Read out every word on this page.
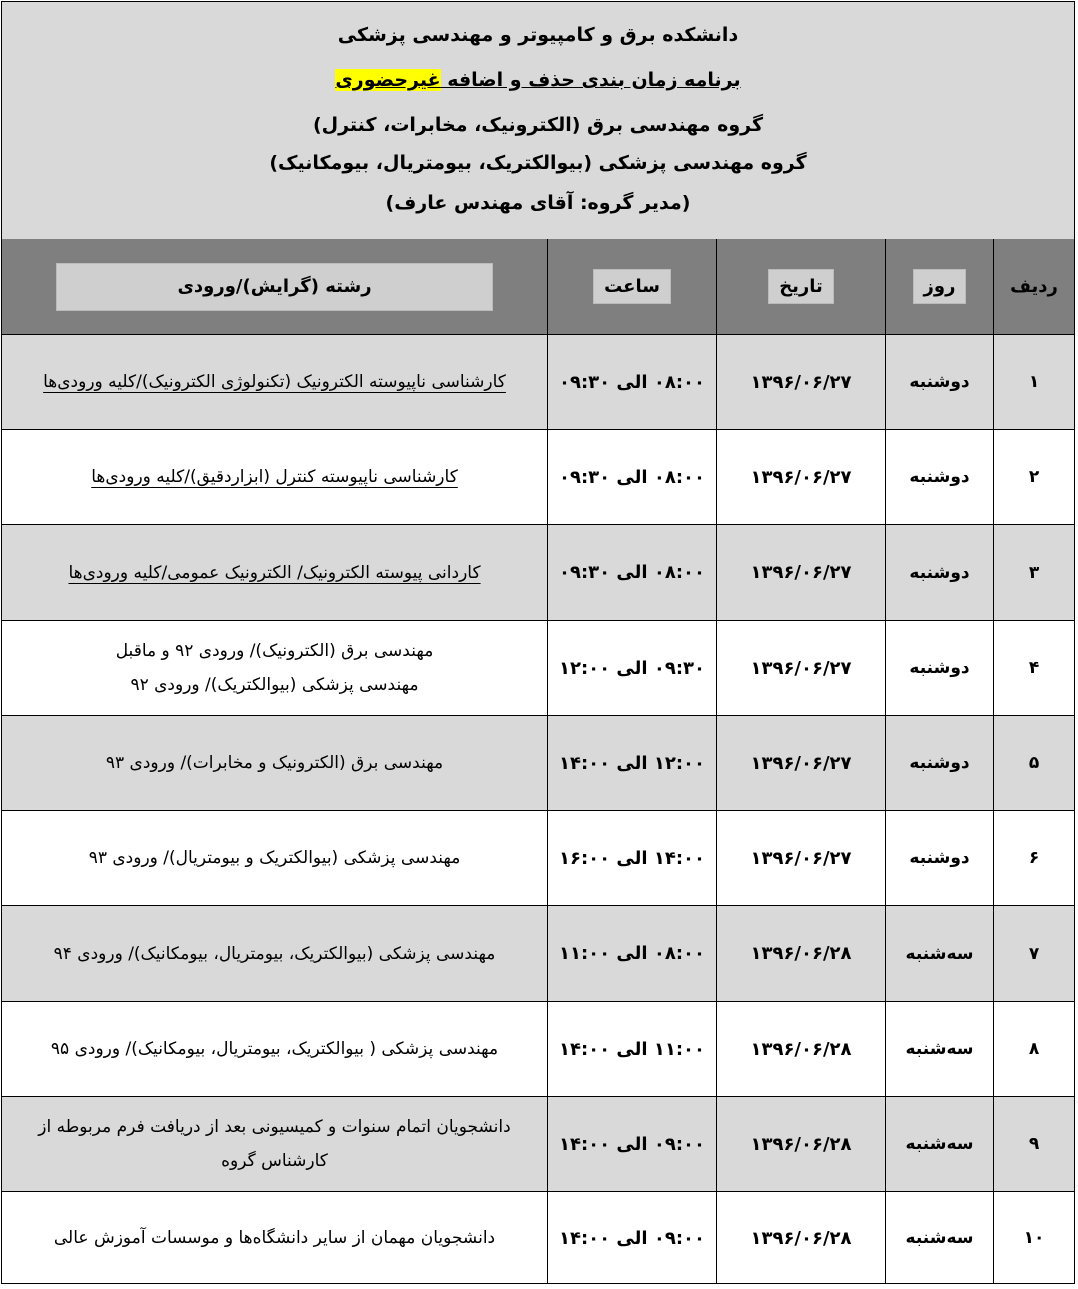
دانشکده برق و کامپیوتر و مهندسی پزشکی
برنامه زمان بندی حذف و اضافه غیرحضوری
گروه مهندسی برق (الکترونیک، مخابرات، کنترل)
گروه مهندسی پزشکی (بیوالکتریک، بیومتریال، بیومکانیک)
(مدیر گروه: آقای مهندس عارف)
ردیف
روز
تاریخ
ساعت
رشته (گرایش)/ورودی
۱
دوشنبه
۱۳۹۶/۰۶/۲۷
۰۸:۰۰ الی ۰۹:۳۰
کارشناسی ناپیوسته الکترونیک (تکنولوژی الکترونیک)/کلیه ورودی‌ها
۲
دوشنبه
۱۳۹۶/۰۶/۲۷
۰۸:۰۰ الی ۰۹:۳۰
کارشناسی ناپیوسته کنترل (ابزاردقیق)/کلیه ورودی‌ها
۳
دوشنبه
۱۳۹۶/۰۶/۲۷
۰۸:۰۰ الی ۰۹:۳۰
کاردانی پیوسته الکترونیک/ الکترونیک عمومی/کلیه ورودی‌ها
۴
دوشنبه
۱۳۹۶/۰۶/۲۷
۰۹:۳۰ الی ۱۲:۰۰
مهندسی برق (الکترونیک)/ ورودی ۹۲ و ماقبل
مهندسی پزشکی (بیوالکتریک)/ ورودی ۹۲
۵
دوشنبه
۱۳۹۶/۰۶/۲۷
۱۲:۰۰ الی ۱۴:۰۰
مهندسی برق (الکترونیک و مخابرات)/ ورودی ۹۳
۶
دوشنبه
۱۳۹۶/۰۶/۲۷
۱۴:۰۰ الی ۱۶:۰۰
مهندسی پزشکی (بیوالکتریک و بیومتریال)/ ورودی ۹۳
۷
سه‌شنبه
۱۳۹۶/۰۶/۲۸
۰۸:۰۰ الی ۱۱:۰۰
مهندسی پزشکی (بیوالکتریک، بیومتریال، بیومکانیک)/ ورودی ۹۴
۸
سه‌شنبه
۱۳۹۶/۰۶/۲۸
۱۱:۰۰ الی ۱۴:۰۰
مهندسی پزشکی ( بیوالکتریک، بیومتریال، بیومکانیک)/ ورودی ۹۵
۹
سه‌شنبه
۱۳۹۶/۰۶/۲۸
۰۹:۰۰ الی ۱۴:۰۰
دانشجویان اتمام سنوات و کمیسیونی بعد از دریافت فرم مربوطه از
کارشناس گروه
۱۰
سه‌شنبه
۱۳۹۶/۰۶/۲۸
۰۹:۰۰ الی ۱۴:۰۰
دانشجویان مهمان از سایر دانشگاه‌ها و موسسات آموزش عالی
